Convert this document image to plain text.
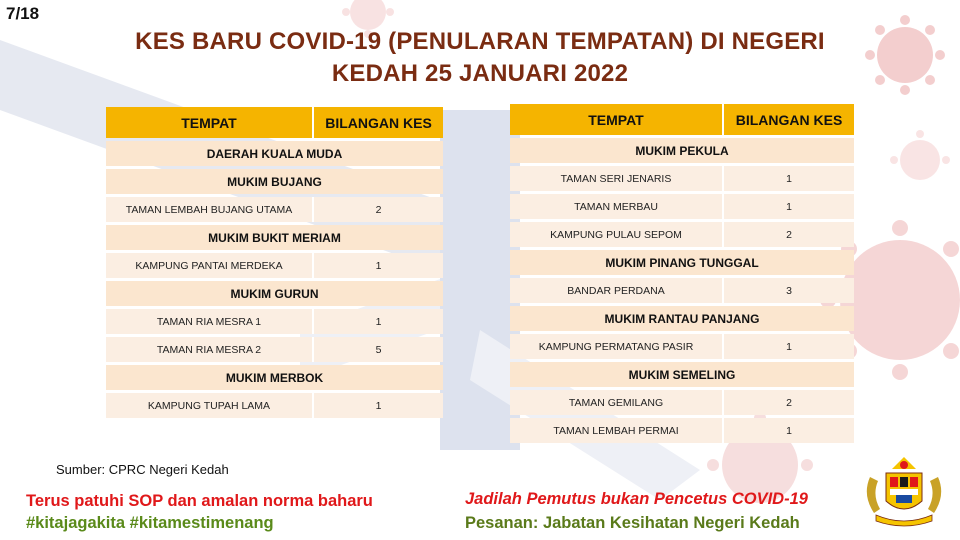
7/18
KES BARU COVID-19 (PENULARAN TEMPATAN) DI NEGERI
KEDAH 25 JANUARI 2022
TEMPAT	BILANGAN KES
DAERAH KUALA MUDA	
MUKIM BUJANG	
TAMAN LEMBAH BUJANG UTAMA	2
MUKIM BUKIT MERIAM	
KAMPUNG PANTAI MERDEKA	1
MUKIM GURUN	
TAMAN RIA MESRA 1	1
TAMAN RIA MESRA 2	5
MUKIM MERBOK	
KAMPUNG TUPAH LAMA	1
TEMPAT	BILANGAN KES
MUKIM PEKULA	
TAMAN SERI JENARIS	1
TAMAN MERBAU	1
KAMPUNG PULAU SEPOM	2
MUKIM PINANG TUNGGAL	
BANDAR PERDANA	3
MUKIM RANTAU PANJANG	
KAMPUNG PERMATANG PASIR	1
MUKIM SEMELING	
TAMAN GEMILANG	2
TAMAN LEMBAH PERMAI	1
Sumber: CPRC Negeri Kedah
Terus patuhi SOP dan amalan norma baharu
#kitajagakita #kitamestimenang
Jadilah Pemutus bukan Pencetus COVID-19
Pesanan: Jabatan Kesihatan Negeri Kedah
